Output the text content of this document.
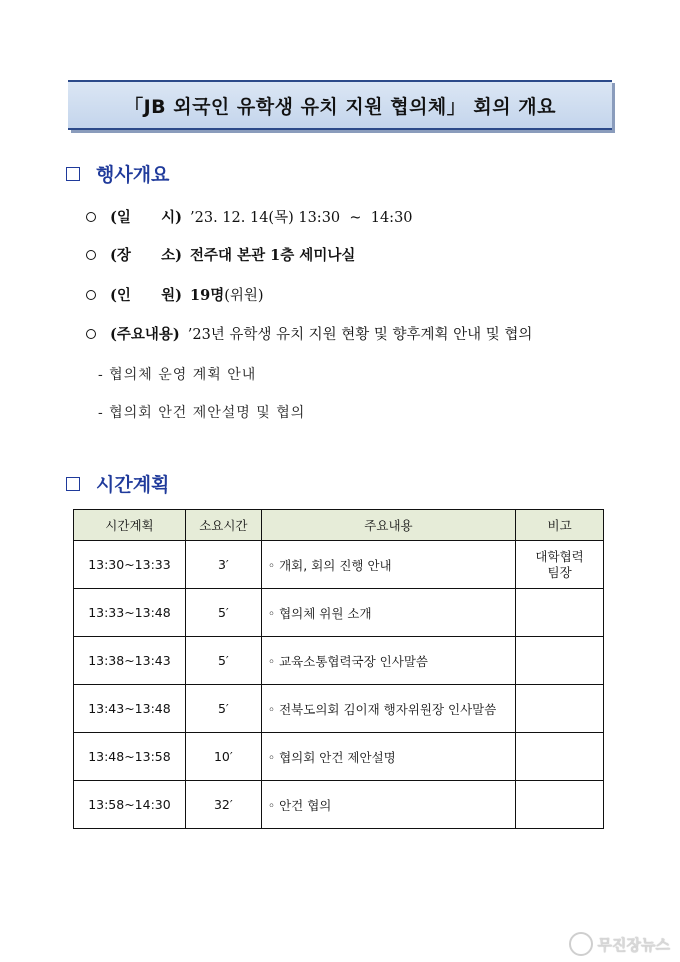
「JB 외국인 유학생 유치 지원 협의체」 회의 개요
행사개요
(일      시) ’23. 12. 14(목) 13:30  ~  14:30
(장      소) 전주대 본관 1층 세미나실
(인      원) 19명 (위원)
(주요내용) ’23년 유학생 유치 지원 현황 및 향후계획 안내 및 협의
- 협의체 운영 계획 안내
- 협의회 안건 제안설명 및 협의
시간계획
시간계획	소요시간	주요내용	비고
13:30~13:33	3′	◦ 개회, 회의 진행 안내	대학협력
팀장
13:33~13:48	5′	◦ 협의체 위원 소개	
13:38~13:43	5′	◦ 교육소통협력국장 인사말씀	
13:43~13:48	5′	◦ 전북도의회 김이재 행자위원장 인사말씀	
13:48~13:58	10′	◦ 협의회 안건 제안설명	
13:58~14:30	32′	◦ 안건 협의	
무진장뉴스
